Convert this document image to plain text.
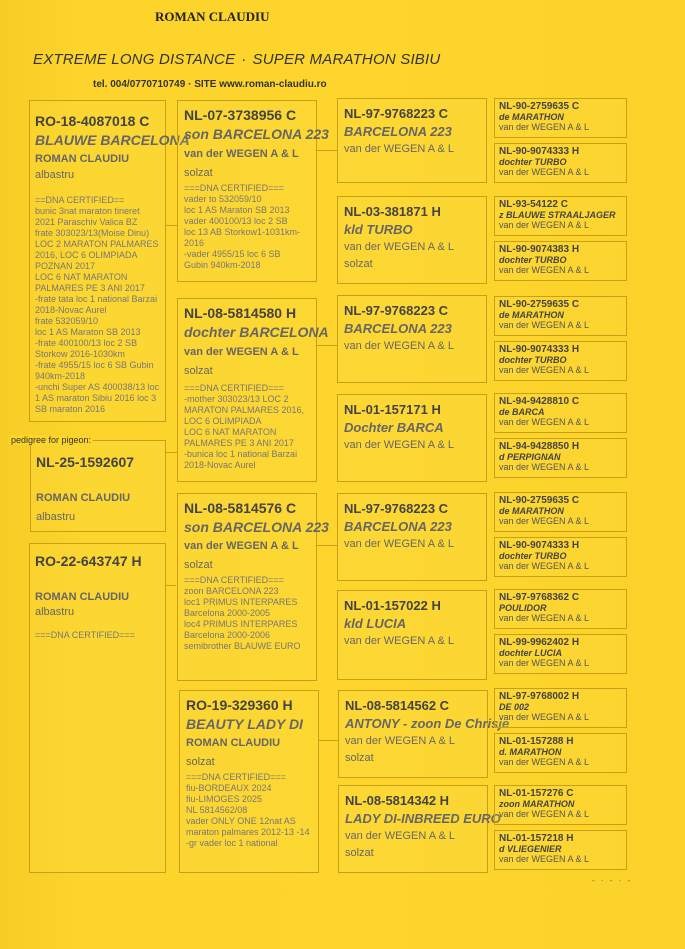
ROMAN CLAUDIU
EXTREME LONG DISTANCE · SUPER MARATHON SIBIU
tel. 004/0770710749 · SITE www.roman-claudiu.ro
RO-18-4087018 C
BLAUWE BARCELONA
ROMAN CLAUDIU
albastru
==DNA CERTIFIED==
bunic 3nat maraton tineret 2021 Paraschiv Valica BZ
frate 303023/13(Moise Dinu) LOC 2 MARATON PALMARES 2016, LOC 6 OLIMPIADA POZNAN 2017
LOC 6 NAT MARATON PALMARES PE 3 ANI 2017
-frate tata loc 1 national Barzai 2018-Novac Aurel
frate 532059/10
loc 1 AS Maraton SB 2013
-frate 400100/13 loc 2 SB Storkow 2016-1030km
-frate 4955/15 loc 6 SB Gubin 940km-2018
-unchi Super AS 400038/13 loc 1 AS maraton Sibiu 2016 loc 3 SB maraton 2016
NL-25-1592607
ROMAN CLAUDIU
albastru
pedigree for pigeon:
RO-22-643747 H
ROMAN CLAUDIU
albastru
===DNA CERTIFIED===
NL-07-3738956 C
son BARCELONA 223
van der WEGEN A & L
solzat
===DNA CERTIFIED===
vader to 532059/10
loc 1 AS Maraton SB 2013
vader 400100/13 loc 2 SB
loc 13 AB Storkow1-1031km-2016
-vader 4955/15 loc 6 SB
Gubin 940km-2018
NL-08-5814580 H
dochter BARCELONA
van der WEGEN A & L
solzat
===DNA CERTIFIED===
-mother 303023/13 LOC 2 MARATON PALMARES 2016, LOC 6 OLIMPIADA
LOC 6 NAT MARATON PALMARES PE 3 ANI 2017
-bunica loc 1 national Barzai 2018-Novac Aurel
NL-08-5814576 C
son BARCELONA 223
van der WEGEN A & L
solzat
===DNA CERTIFIED===
zoon BARCELONA 223
loc1 PRIMUS INTERPARES Barcelona 2000-2005
loc4 PRIMUS INTERPARES Barcelona 2000-2006
semibrother BLAUWE EURO
RO-19-329360 H
BEAUTY LADY DI
ROMAN CLAUDIU
solzat
===DNA CERTIFIED===
fiu-BORDEAUX 2024
fiu-LIMOGES 2025
NL 5814562/08
vader ONLY ONE 12nat AS maraton palmares 2012-13 -14
-gr vader loc 1 national
NL-97-9768223 C
BARCELONA 223
van der WEGEN A & L
NL-03-381871 H
kld TURBO
van der WEGEN A & L
solzat
NL-97-9768223 C
BARCELONA 223
van der WEGEN A & L
NL-01-157171 H
Dochter BARCA
van der WEGEN A & L
NL-97-9768223 C
BARCELONA 223
van der WEGEN A & L
NL-01-157022 H
kld LUCIA
van der WEGEN A & L
NL-08-5814562 C
ANTONY - zoon De Chrisje
van der WEGEN A & L
solzat
NL-08-5814342 H
LADY DI-INBREED EURO
van der WEGEN A & L
solzat
NL-90-2759635 C
de MARATHON
van der WEGEN A & L
NL-90-9074333 H
dochter TURBO
van der WEGEN A & L
NL-93-54122 C
z BLAUWE STRAALJAGER
van der WEGEN A & L
NL-90-9074383 H
dochter TURBO
van der WEGEN A & L
NL-90-2759635 C
de MARATHON
van der WEGEN A & L
NL-90-9074333 H
dochter TURBO
van der WEGEN A & L
NL-94-9428810 C
de BARCA
van der WEGEN A & L
NL-94-9428850 H
d PERPIGNAN
van der WEGEN A & L
NL-90-2759635 C
de MARATHON
van der WEGEN A & L
NL-90-9074333 H
dochter TURBO
van der WEGEN A & L
NL-97-9768362 C
POULIDOR
van der WEGEN A & L
NL-99-9962402 H
dochter LUCIA
van der WEGEN A & L
NL-97-9768002 H
DE 002
van der WEGEN A & L
NL-01-157288 H
d. MARATHON
van der WEGEN A & L
NL-01-157276 C
zoon MARATHON
van der WEGEN A & L
NL-01-157218 H
d VLIEGENIER
van der WEGEN A & L
- · - · -
